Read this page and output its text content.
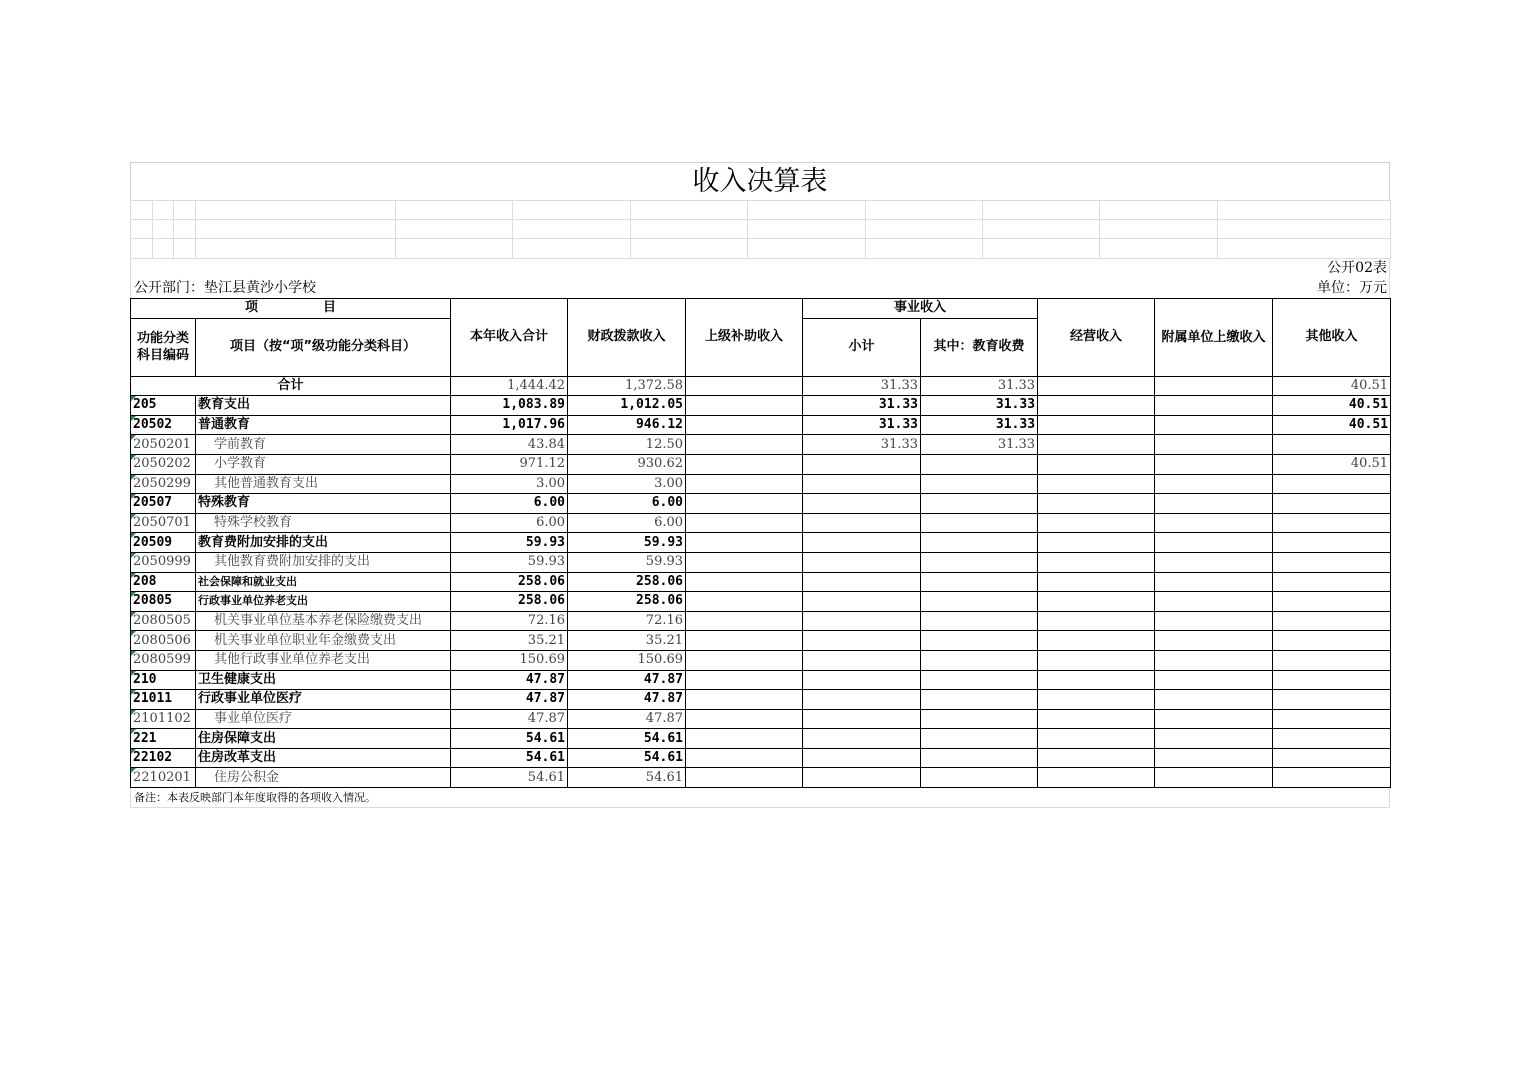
收入决算表

公开02表
公开部门：垫江县黄沙小学校	单位：万元
项　　　　　目		本年收入合计	财政拨款收入	上级补助收入	事业收入		经营收入	附属单位上缴收入	其他收入
功能分类科目编码	项目（按“项”级功能分类科目）				小计	其中：教育收费			
合计		1,444.42	1,372.58		31.33	31.33			40.51
205	教育支出	1,083.89	1,012.05		31.33	31.33			40.51
20502	普通教育	1,017.96	946.12		31.33	31.33			40.51
2050201	学前教育	43.84	12.50		31.33	31.33			
2050202	小学教育	971.12	930.62						40.51
2050299	其他普通教育支出	3.00	3.00						
20507	特殊教育	6.00	6.00						
2050701	特殊学校教育	6.00	6.00						
20509	教育费附加安排的支出	59.93	59.93						
2050999	其他教育费附加安排的支出	59.93	59.93						
208	社会保障和就业支出	258.06	258.06						
20805	行政事业单位养老支出	258.06	258.06						
2080505	机关事业单位基本养老保险缴费支出	72.16	72.16						
2080506	机关事业单位职业年金缴费支出	35.21	35.21						
2080599	其他行政事业单位养老支出	150.69	150.69						
210	卫生健康支出	47.87	47.87						
21011	行政事业单位医疗	47.87	47.87						
2101102	事业单位医疗	47.87	47.87						
221	住房保障支出	54.61	54.61						
22102	住房改革支出	54.61	54.61						
2210201	住房公积金	54.61	54.61						
备注：本表反映部门本年度取得的各项收入情况。
